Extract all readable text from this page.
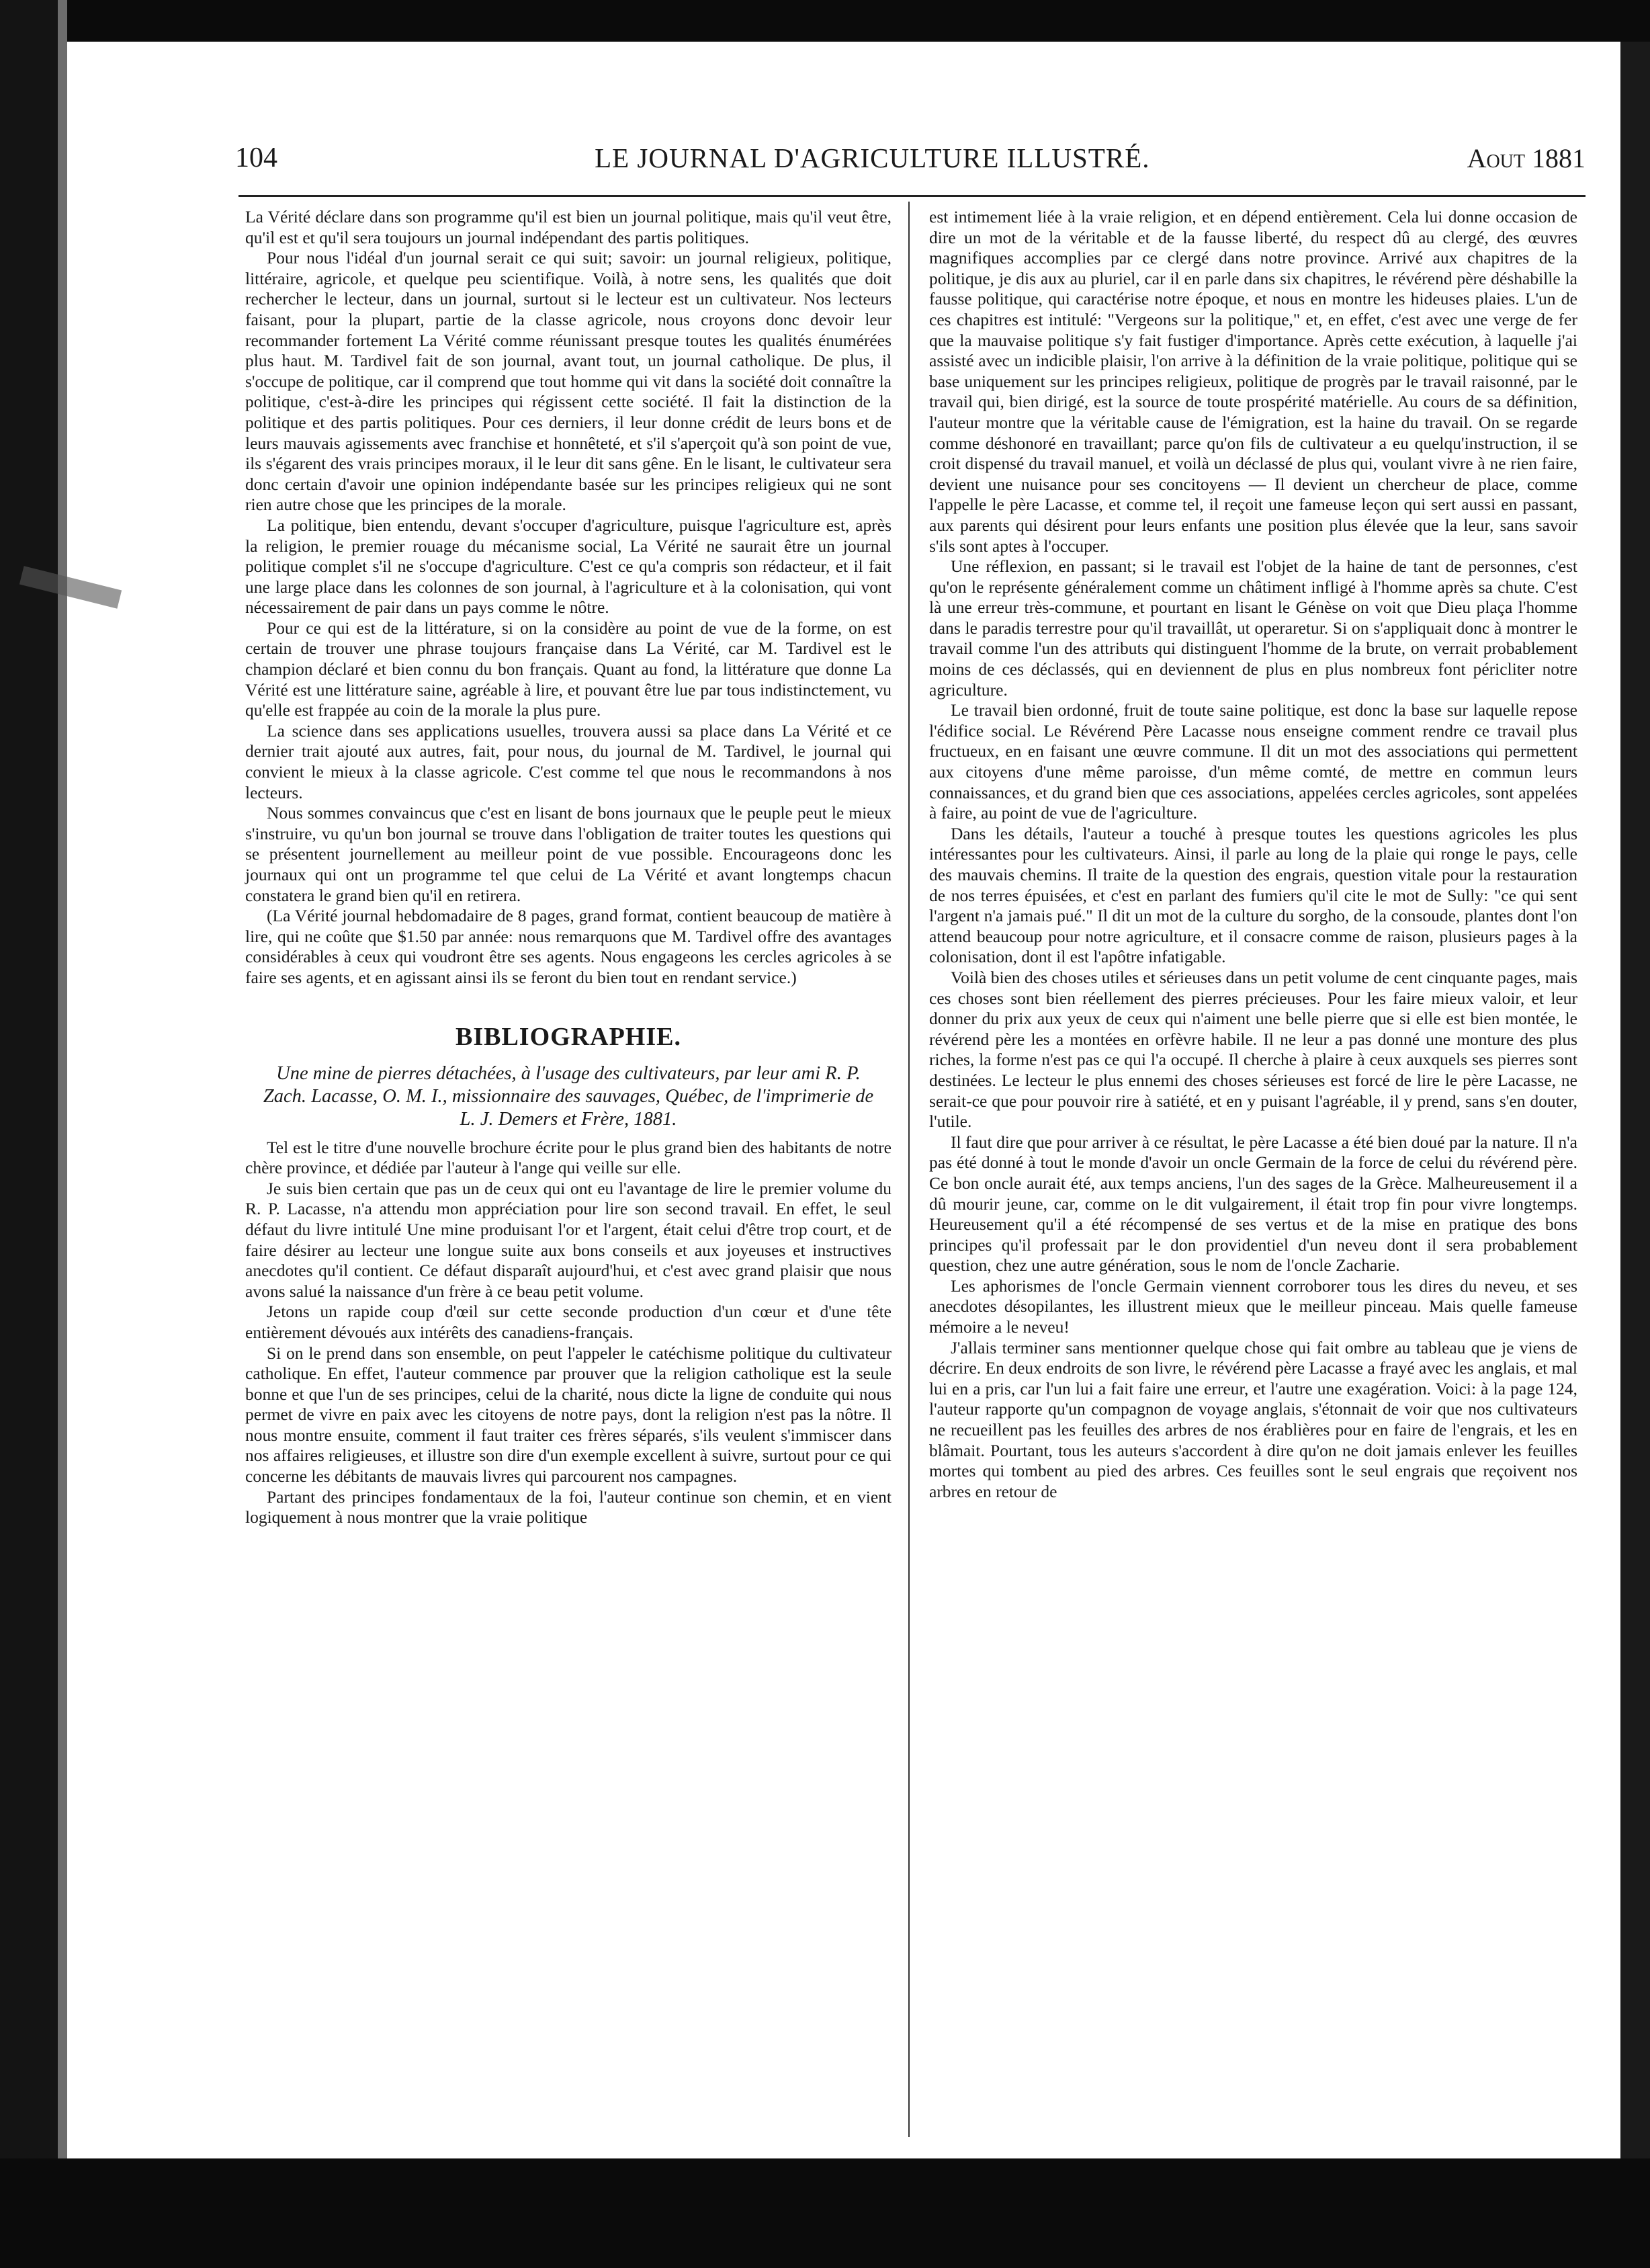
104	LE JOURNAL D'AGRICULTURE ILLUSTRÉ.	Aout 1881

La Vérité déclare dans son programme qu'il est bien un journal politique, mais qu'il veut être, qu'il est et qu'il sera toujours un journal indépendant des partis politiques.

Pour nous l'idéal d'un journal serait ce qui suit; savoir: un journal religieux, politique, littéraire, agricole, et quelque peu scientifique. Voilà, à notre sens, les qualités que doit rechercher le lecteur, dans un journal, surtout si le lecteur est un cultivateur. Nos lecteurs faisant, pour la plupart, partie de la classe agricole, nous croyons donc devoir leur recommander fortement La Vérité comme réunissant presque toutes les qualités énumérées plus haut. M. Tardivel fait de son journal, avant tout, un journal catholique. De plus, il s'occupe de politique, car il comprend que tout homme qui vit dans la société doit connaître la politique, c'est-à-dire les principes qui régissent cette société. Il fait la distinction de la politique et des partis politiques. Pour ces derniers, il leur donne crédit de leurs bons et de leurs mauvais agissements avec franchise et honnêteté, et s'il s'aperçoit qu'à son point de vue, ils s'égarent des vrais principes moraux, il le leur dit sans gêne. En le lisant, le cultivateur sera donc certain d'avoir une opinion indépendante basée sur les principes religieux qui ne sont rien autre chose que les principes de la morale.

La politique, bien entendu, devant s'occuper d'agriculture, puisque l'agriculture est, après la religion, le premier rouage du mécanisme social, La Vérité ne saurait être un journal politique complet s'il ne s'occupe d'agriculture. C'est ce qu'a compris son rédacteur, et il fait une large place dans les colonnes de son journal, à l'agriculture et à la colonisation, qui vont nécessairement de pair dans un pays comme le nôtre.

Pour ce qui est de la littérature, si on la considère au point de vue de la forme, on est certain de trouver une phrase toujours française dans La Vérité, car M. Tardivel est le champion déclaré et bien connu du bon français. Quant au fond, la littérature que donne La Vérité est une littérature saine, agréable à lire, et pouvant être lue par tous indistinctement, vu qu'elle est frappée au coin de la morale la plus pure.

La science dans ses applications usuelles, trouvera aussi sa place dans La Vérité et ce dernier trait ajouté aux autres, fait, pour nous, du journal de M. Tardivel, le journal qui convient le mieux à la classe agricole. C'est comme tel que nous le recommandons à nos lecteurs.

Nous sommes convaincus que c'est en lisant de bons journaux que le peuple peut le mieux s'instruire, vu qu'un bon journal se trouve dans l'obligation de traiter toutes les questions qui se présentent journellement au meilleur point de vue possible. Encourageons donc les journaux qui ont un programme tel que celui de La Vérité et avant longtemps chacun constatera le grand bien qu'il en retirera.

(La Vérité journal hebdomadaire de 8 pages, grand format, contient beaucoup de matière à lire, qui ne coûte que $1.50 par année: nous remarquons que M. Tardivel offre des avantages considérables à ceux qui voudront être ses agents. Nous engageons les cercles agricoles à se faire ses agents, et en agissant ainsi ils se feront du bien tout en rendant service.)

BIBLIOGRAPHIE.
Une mine de pierres détachées, à l'usage des cultivateurs, par leur ami R. P. Zach. Lacasse, O. M. I., missionnaire des sauvages, Québec, de l'imprimerie de L. J. Demers et Frère, 1881.

Tel est le titre d'une nouvelle brochure écrite pour le plus grand bien des habitants de notre chère province, et dédiée par l'auteur à l'ange qui veille sur elle.

Je suis bien certain que pas un de ceux qui ont eu l'avantage de lire le premier volume du R. P. Lacasse, n'a attendu mon appréciation pour lire son second travail. En effet, le seul défaut du livre intitulé Une mine produisant l'or et l'argent, était celui d'être trop court, et de faire désirer au lecteur une longue suite aux bons conseils et aux joyeuses et instructives anecdotes qu'il contient. Ce défaut disparaît aujourd'hui, et c'est avec grand plaisir que nous avons salué la naissance d'un frère à ce beau petit volume.

Jetons un rapide coup d'œil sur cette seconde production d'un cœur et d'une tête entièrement dévoués aux intérêts des canadiens-français.

Si on le prend dans son ensemble, on peut l'appeler le catéchisme politique du cultivateur catholique. En effet, l'auteur commence par prouver que la religion catholique est la seule bonne et que l'un de ses principes, celui de la charité, nous dicte la ligne de conduite qui nous permet de vivre en paix avec les citoyens de notre pays, dont la religion n'est pas la nôtre. Il nous montre ensuite, comment il faut traiter ces frères séparés, s'ils veulent s'immiscer dans nos affaires religieuses, et illustre son dire d'un exemple excellent à suivre, surtout pour ce qui concerne les débitants de mauvais livres qui parcourent nos campagnes.

Partant des principes fondamentaux de la foi, l'auteur continue son chemin, et en vient logiquement à nous montrer que la vraie politique

est intimement liée à la vraie religion, et en dépend entièrement. Cela lui donne occasion de dire un mot de la véritable et de la fausse liberté, du respect dû au clergé, des œuvres magnifiques accomplies par ce clergé dans notre province. Arrivé aux chapitres de la politique, je dis aux au pluriel, car il en parle dans six chapitres, le révérend père déshabille la fausse politique, qui caractérise notre époque, et nous en montre les hideuses plaies. L'un de ces chapitres est intitulé: "Vergeons sur la politique," et, en effet, c'est avec une verge de fer que la mauvaise politique s'y fait fustiger d'importance. Après cette exécution, à laquelle j'ai assisté avec un indicible plaisir, l'on arrive à la définition de la vraie politique, politique qui se base uniquement sur les principes religieux, politique de progrès par le travail raisonné, par le travail qui, bien dirigé, est la source de toute prospérité matérielle. Au cours de sa définition, l'auteur montre que la véritable cause de l'émigration, est la haine du travail. On se regarde comme déshonoré en travaillant; parce qu'on fils de cultivateur a eu quelqu'instruction, il se croit dispensé du travail manuel, et voilà un déclassé de plus qui, voulant vivre à ne rien faire, devient une nuisance pour ses concitoyens — Il devient un chercheur de place, comme l'appelle le père Lacasse, et comme tel, il reçoit une fameuse leçon qui sert aussi en passant, aux parents qui désirent pour leurs enfants une position plus élevée que la leur, sans savoir s'ils sont aptes à l'occuper.

Une réflexion, en passant; si le travail est l'objet de la haine de tant de personnes, c'est qu'on le représente généralement comme un châtiment infligé à l'homme après sa chute. C'est là une erreur très-commune, et pourtant en lisant le Génèse on voit que Dieu plaça l'homme dans le paradis terrestre pour qu'il travaillât, ut operaretur. Si on s'appliquait donc à montrer le travail comme l'un des attributs qui distinguent l'homme de la brute, on verrait probablement moins de ces déclassés, qui en deviennent de plus en plus nombreux font péricliter notre agriculture.

Le travail bien ordonné, fruit de toute saine politique, est donc la base sur laquelle repose l'édifice social. Le Révérend Père Lacasse nous enseigne comment rendre ce travail plus fructueux, en en faisant une œuvre commune. Il dit un mot des associations qui permettent aux citoyens d'une même paroisse, d'un même comté, de mettre en commun leurs connaissances, et du grand bien que ces associations, appelées cercles agricoles, sont appelées à faire, au point de vue de l'agriculture.

Dans les détails, l'auteur a touché à presque toutes les questions agricoles les plus intéressantes pour les cultivateurs. Ainsi, il parle au long de la plaie qui ronge le pays, celle des mauvais chemins. Il traite de la question des engrais, question vitale pour la restauration de nos terres épuisées, et c'est en parlant des fumiers qu'il cite le mot de Sully: "ce qui sent l'argent n'a jamais pué." Il dit un mot de la culture du sorgho, de la consoude, plantes dont l'on attend beaucoup pour notre agriculture, et il consacre comme de raison, plusieurs pages à la colonisation, dont il est l'apôtre infatigable.

Voilà bien des choses utiles et sérieuses dans un petit volume de cent cinquante pages, mais ces choses sont bien réellement des pierres précieuses. Pour les faire mieux valoir, et leur donner du prix aux yeux de ceux qui n'aiment une belle pierre que si elle est bien montée, le révérend père les a montées en orfèvre habile. Il ne leur a pas donné une monture des plus riches, la forme n'est pas ce qui l'a occupé. Il cherche à plaire à ceux auxquels ses pierres sont destinées. Le lecteur le plus ennemi des choses sérieuses est forcé de lire le père Lacasse, ne serait-ce que pour pouvoir rire à satiété, et en y puisant l'agréable, il y prend, sans s'en douter, l'utile.

Il faut dire que pour arriver à ce résultat, le père Lacasse a été bien doué par la nature. Il n'a pas été donné à tout le monde d'avoir un oncle Germain de la force de celui du révérend père. Ce bon oncle aurait été, aux temps anciens, l'un des sages de la Grèce. Malheureusement il a dû mourir jeune, car, comme on le dit vulgairement, il était trop fin pour vivre longtemps. Heureusement qu'il a été récompensé de ses vertus et de la mise en pratique des bons principes qu'il professait par le don providentiel d'un neveu dont il sera probablement question, chez une autre génération, sous le nom de l'oncle Zacharie.

Les aphorismes de l'oncle Germain viennent corroborer tous les dires du neveu, et ses anecdotes désopilantes, les illustrent mieux que le meilleur pinceau. Mais quelle fameuse mémoire a le neveu!

J'allais terminer sans mentionner quelque chose qui fait ombre au tableau que je viens de décrire. En deux endroits de son livre, le révérend père Lacasse a frayé avec les anglais, et mal lui en a pris, car l'un lui a fait faire une erreur, et l'autre une exagération. Voici: à la page 124, l'auteur rapporte qu'un compagnon de voyage anglais, s'étonnait de voir que nos cultivateurs ne recueillent pas les feuilles des arbres de nos érablières pour en faire de l'engrais, et les en blâmait. Pourtant, tous les auteurs s'accordent à dire qu'on ne doit jamais enlever les feuilles mortes qui tombent au pied des arbres. Ces feuilles sont le seul engrais que reçoivent nos arbres en retour de
